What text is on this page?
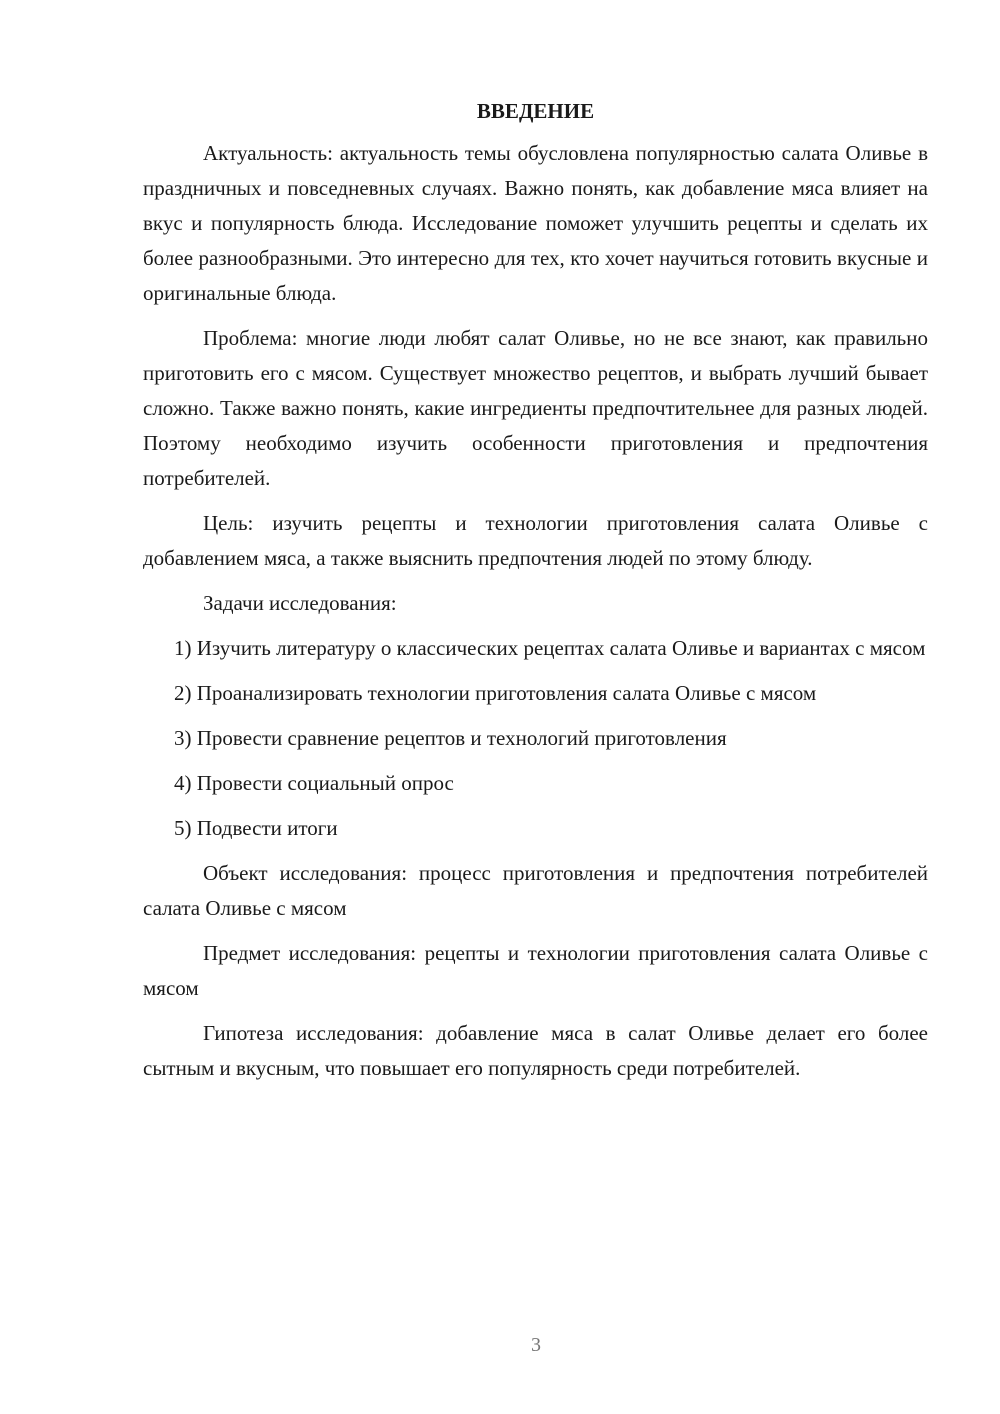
ВВЕДЕНИЕ

Актуальность: актуальность темы обусловлена популярностью салата Оливье в праздничных и повседневных случаях. Важно понять, как добавление мяса влияет на вкус и популярность блюда. Исследование поможет улучшить рецепты и сделать их более разнообразными. Это интересно для тех, кто хочет научиться готовить вкусные и оригинальные блюда.

Проблема: многие люди любят салат Оливье, но не все знают, как правильно приготовить его с мясом. Существует множество рецептов, и выбрать лучший бывает сложно. Также важно понять, какие ингредиенты предпочтительнее для разных людей. Поэтому необходимо изучить особенности приготовления и предпочтения потребителей.

Цель: изучить рецепты и технологии приготовления салата Оливье с добавлением мяса, а также выяснить предпочтения людей по этому блюду.

Задачи исследования:

1) Изучить литературу о классических рецептах салата Оливье и вариантах с мясом

2) Проанализировать технологии приготовления салата Оливье с мясом

3) Провести сравнение рецептов и технологий приготовления

4) Провести социальный опрос

5) Подвести итоги

Объект исследования: процесс приготовления и предпочтения потребителей салата Оливье с мясом

Предмет исследования: рецепты и технологии приготовления салата Оливье с мясом

Гипотеза исследования: добавление мяса в салат Оливье делает его более сытным и вкусным, что повышает его популярность среди потребителей.

3
